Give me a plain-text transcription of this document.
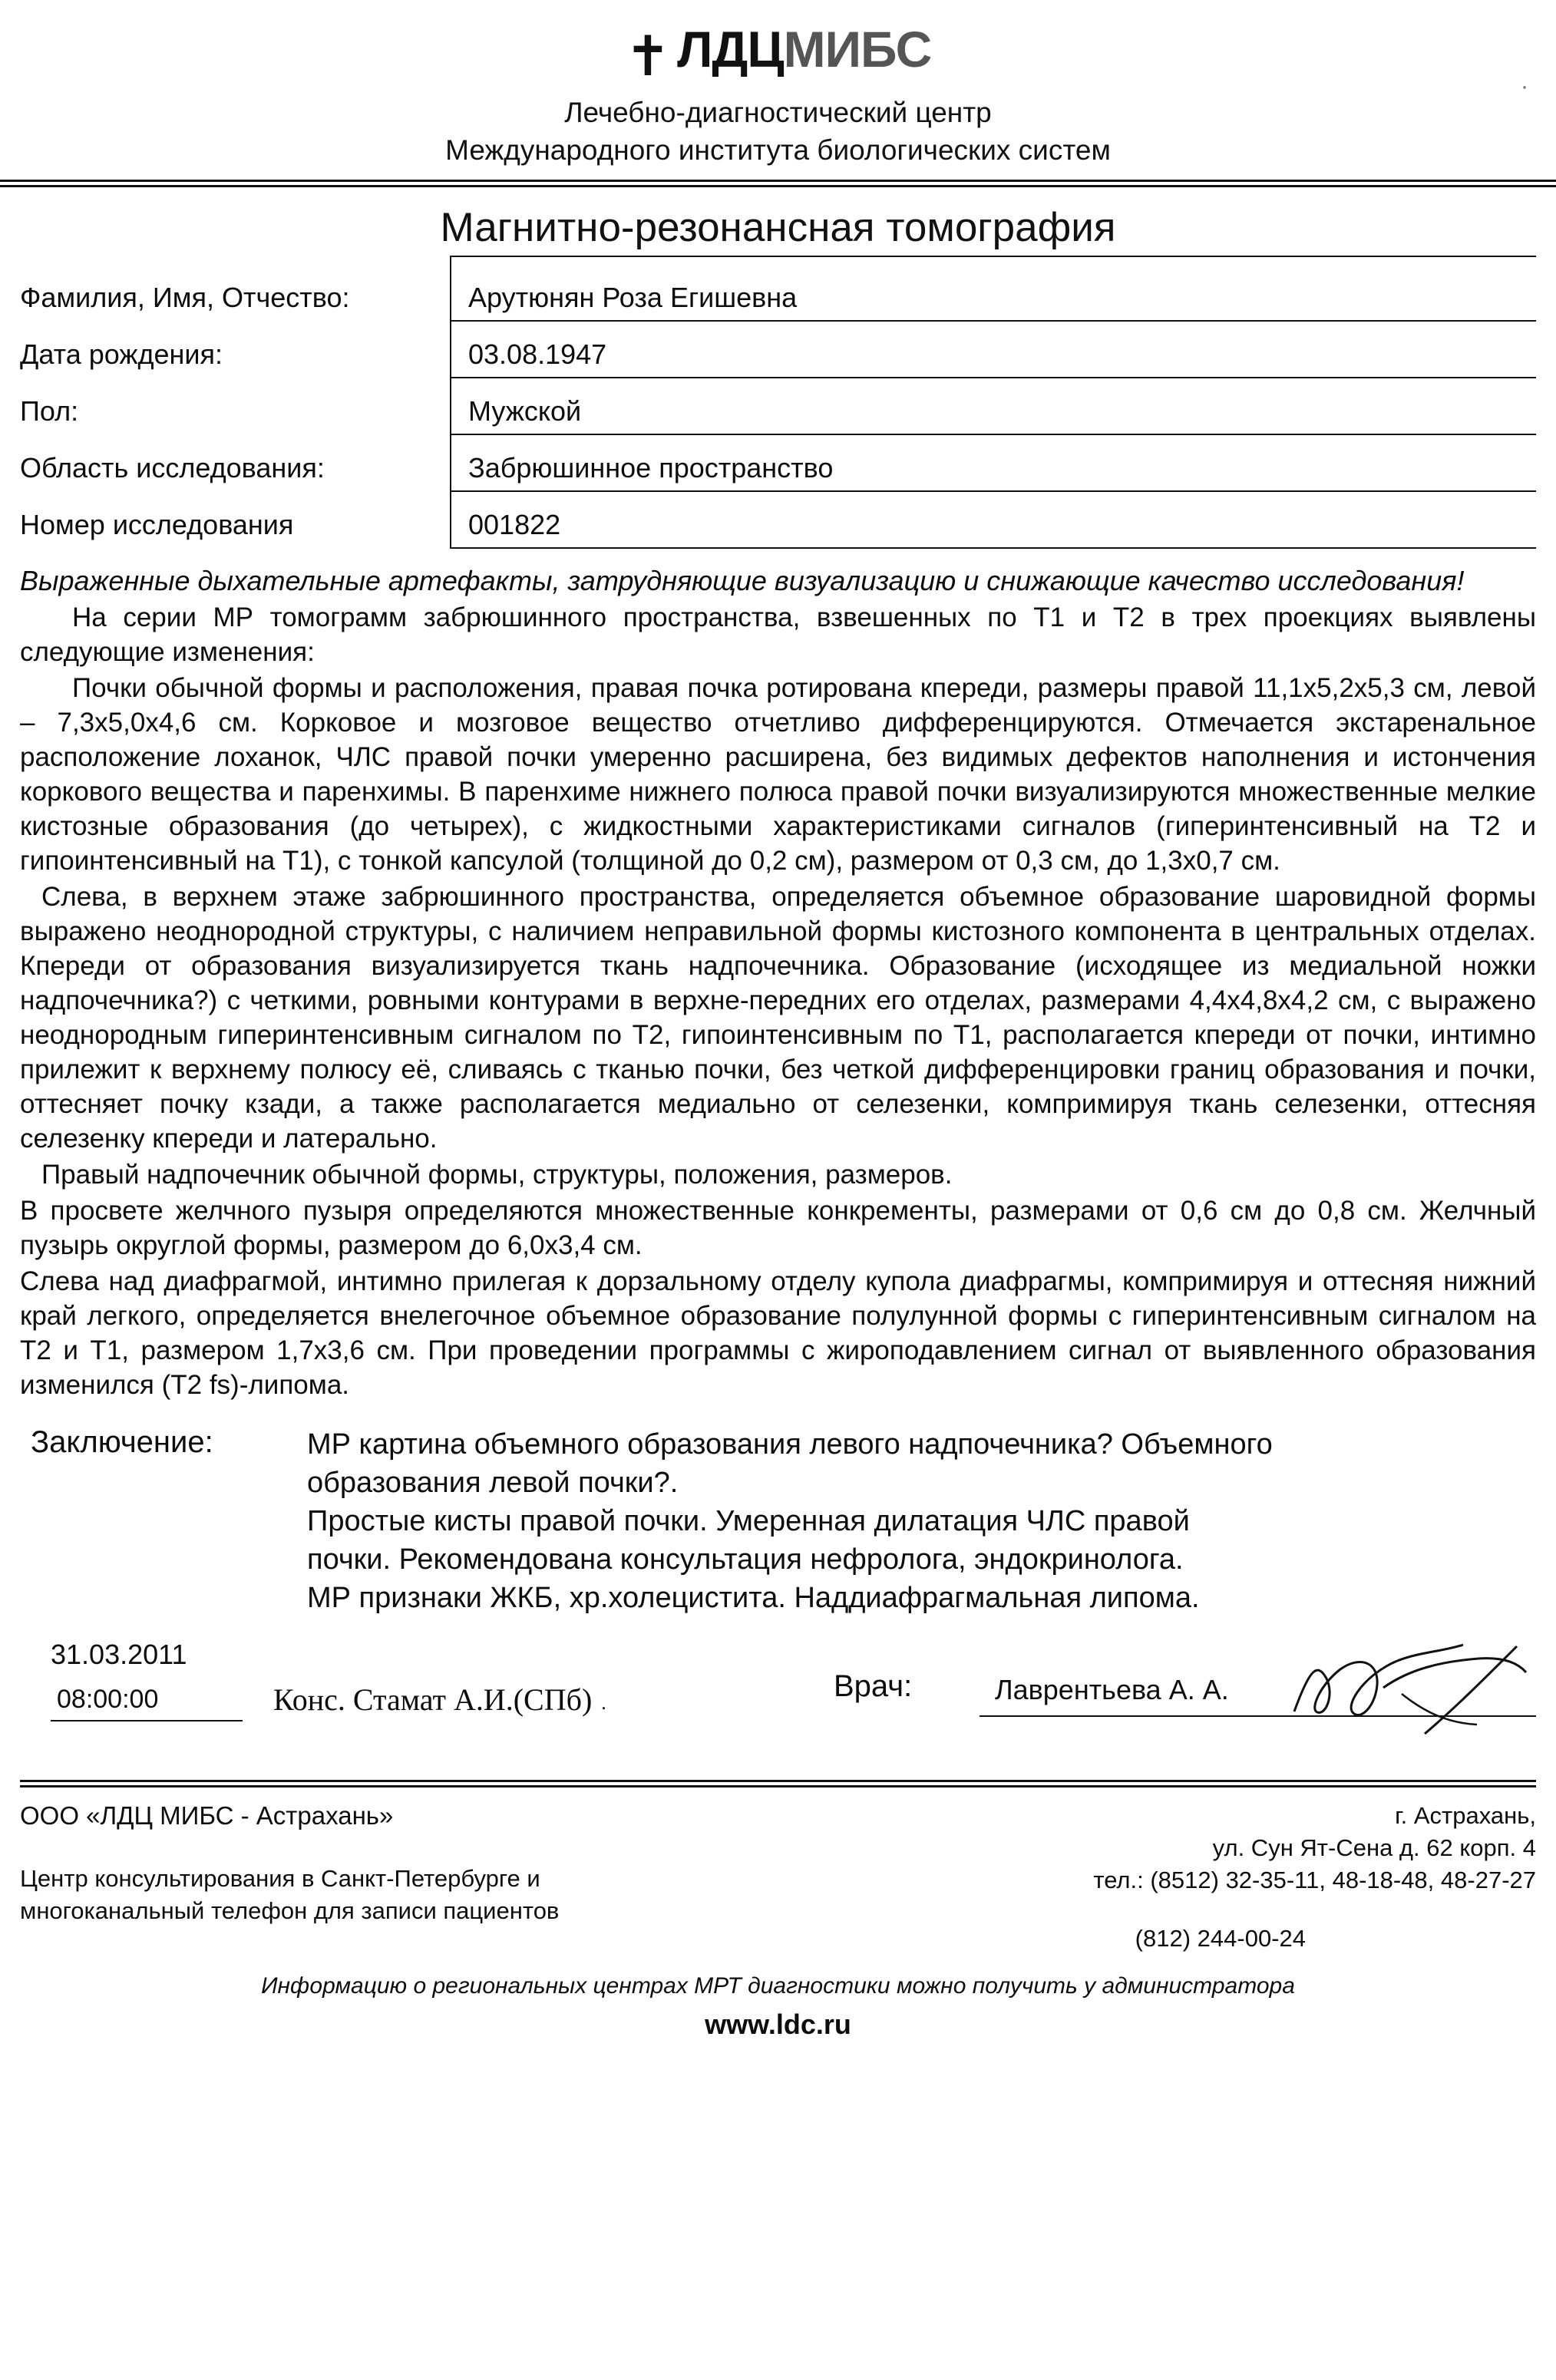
·
✝ ЛДЦМИБС
Лечебно-диагностический центр
Международного института биологических систем
Магнитно-резонансная томография
Фамилия, Имя, Отчество:	Арутюнян Роза Егишевна
Дата рождения:	03.08.1947
Пол:	Мужской
Область исследования:	Забрюшинное пространство
Номер исследования	001822

Выраженные дыхательные артефакты, затрудняющие визуализацию и снижающие качество исследования!

На серии МР томограмм забрюшинного пространства, взвешенных по Т1 и Т2 в трех проекциях выявлены следующие изменения:

Почки обычной формы и расположения, правая почка ротирована кпереди, размеры правой 11,1х5,2х5,3 см, левой – 7,3х5,0х4,6 см. Корковое и мозговое вещество отчетливо дифференцируются. Отмечается экстаренальное расположение лоханок, ЧЛС правой почки умеренно расширена, без видимых дефектов наполнения и истончения коркового вещества и паренхимы. В паренхиме нижнего полюса правой почки визуализируются множественные мелкие кистозные образования (до четырех), с жидкостными характеристиками сигналов (гиперинтенсивный на Т2 и гипоинтенсивный на Т1), с тонкой капсулой (толщиной до 0,2 см), размером от 0,3 см, до 1,3х0,7 см.

Слева, в верхнем этаже забрюшинного пространства, определяется объемное образование шаровидной формы выражено неоднородной структуры, с наличием неправильной формы кистозного компонента в центральных отделах. Кпереди от образования визуализируется ткань надпочечника. Образование (исходящее из медиальной ножки надпочечника?) с четкими, ровными контурами в верхне-передних его отделах, размерами 4,4х4,8х4,2 см, с выражено неоднородным гиперинтенсивным сигналом по Т2, гипоинтенсивным по Т1, располагается кпереди от почки, интимно прилежит к верхнему полюсу её, сливаясь с тканью почки, без четкой дифференцировки границ образования и почки, оттесняет почку кзади, а также располагается медиально от селезенки, компримируя ткань селезенки, оттесняя селезенку кпереди и латерально.

Правый надпочечник обычной формы, структуры, положения, размеров.

В просвете желчного пузыря определяются множественные конкременты, размерами от 0,6 см до 0,8 см. Желчный пузырь округлой формы, размером до 6,0х3,4 см.

Слева над диафрагмой, интимно прилегая к дорзальному отделу купола диафрагмы, компримируя и оттесняя нижний край легкого, определяется внелегочное объемное образование полулунной формы с гиперинтенсивным сигналом на Т2 и Т1, размером 1,7х3,6 см. При проведении программы с жироподавлением сигнал от выявленного образования изменился (Т2 fs)-липома.

Заключение:	МР картина объемного образования левого надпочечника? Объемного

образования левой почки?.

Простые кисты правой почки. Умеренная дилатация ЧЛС правой

почки. Рекомендована консультация нефролога, эндокринолога.

МР признаки ЖКБ, хр.холецистита. Наддиафрагмальная липома.

31.03.2011
08:00:00	Конс. Стамат А.И.(СПб) .	Врач:	Лаврентьева А. А.
ООО «ЛДЦ МИБС - Астрахань»	г. Астрахань,
ул. Сун Ят-Сена д. 62 корп. 4
тел.: (8512) 32-35-11, 48-18-48, 48-27-27
Центр консультирования в Санкт-Петербурге и
многоканальный телефон для записи пациентов
(812) 244-00-24
Информацию о региональных центрах МРТ диагностики можно получить у администратора
www.ldc.ru
